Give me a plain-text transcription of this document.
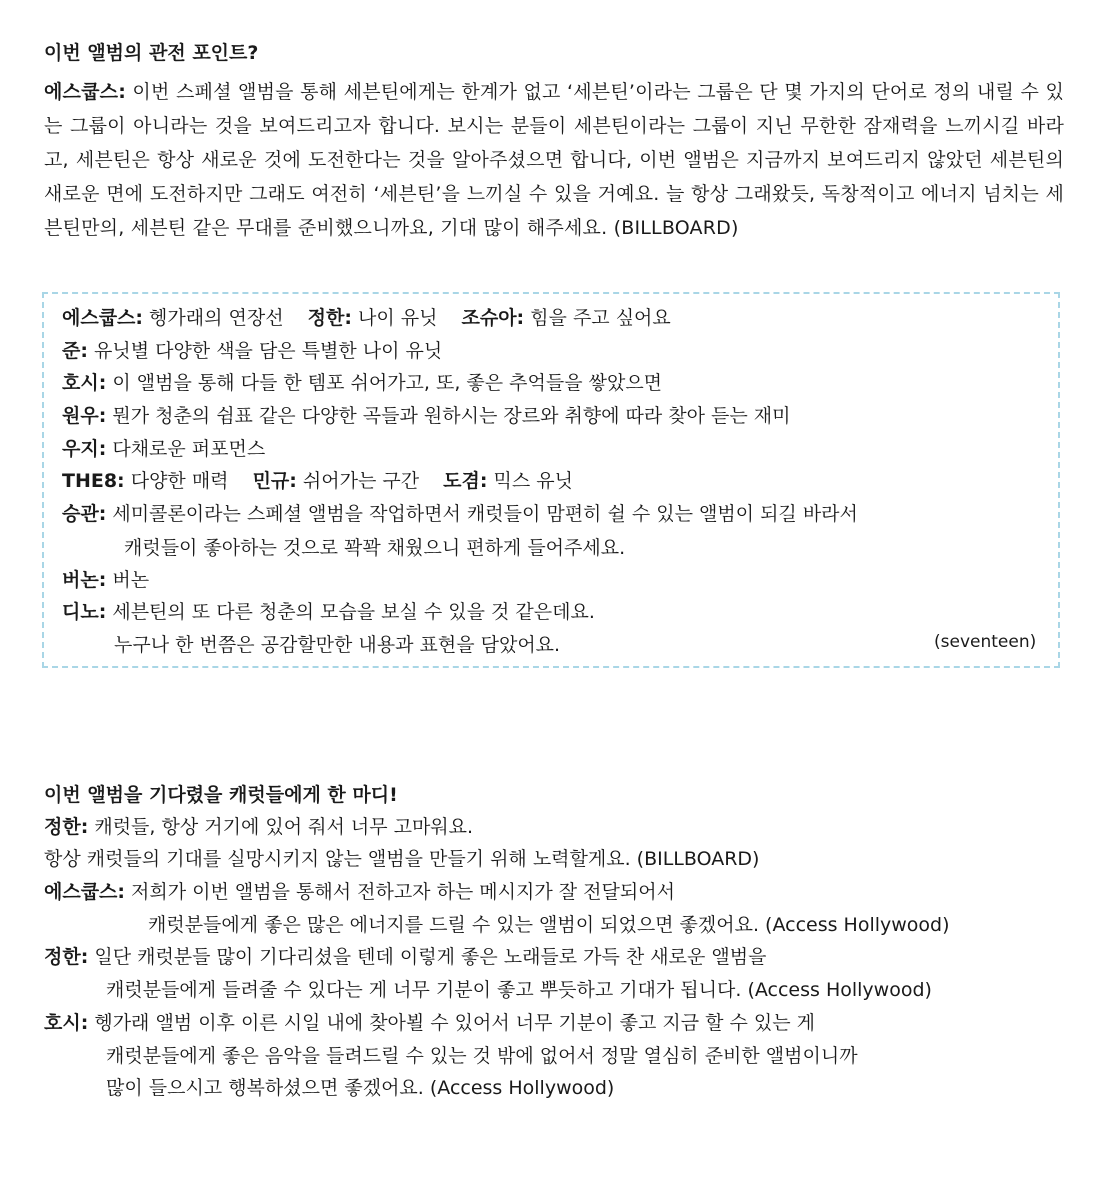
이번 앨범의 관전 포인트?
에스쿱스: 이번 스페셜 앨범을 통해 세븐틴에게는 한계가 없고 ‘세븐틴’이라는 그룹은 단 몇 가지의 단어로 정의 내릴 수 있는 그룹이 아니라는 것을 보여드리고자 합니다. 보시는 분들이 세븐틴이라는 그룹이 지닌 무한한 잠재력을 느끼시길 바라고, 세븐틴은 항상 새로운 것에 도전한다는 것을 알아주셨으면 합니다, 이번 앨범은 지금까지 보여드리지 않았던 세븐틴의 새로운 면에 도전하지만 그래도 여전히 ‘세븐틴’을 느끼실 수 있을 거예요. 늘 항상 그래왔듯, 독창적이고 에너지 넘치는 세븐틴만의, 세븐틴 같은 무대를 준비했으니까요, 기대 많이 해주세요. (BILLBOARD)
에스쿱스: 헹가래의 연장선 정한: 나이 유닛 조슈아: 힘을 주고 싶어요
준: 유닛별 다양한 색을 담은 특별한 나이 유닛
호시: 이 앨범을 통해 다들 한 템포 쉬어가고, 또, 좋은 추억들을 쌓았으면
원우: 뭔가 청춘의 쉼표 같은 다양한 곡들과 원하시는 장르와 취향에 따라 찾아 듣는 재미
우지: 다채로운 퍼포먼스
THE8: 다양한 매력 민규: 쉬어가는 구간 도겸: 믹스 유닛
승관: 세미콜론이라는 스페셜 앨범을 작업하면서 캐럿들이 맘편히 쉴 수 있는 앨범이 되길 바라서
캐럿들이 좋아하는 것으로 꽉꽉 채웠으니 편하게 들어주세요.
버논: 버논
디노: 세븐틴의 또 다른 청춘의 모습을 보실 수 있을 것 같은데요.
누구나 한 번쯤은 공감할만한 내용과 표현을 담았어요.	(seventeen)
이번 앨범을 기다렸을 캐럿들에게 한 마디!
정한: 캐럿들, 항상 거기에 있어 줘서 너무 고마워요.
항상 캐럿들의 기대를 실망시키지 않는 앨범을 만들기 위해 노력할게요. (BILLBOARD)
에스쿱스: 저희가 이번 앨범을 통해서 전하고자 하는 메시지가 잘 전달되어서
캐럿분들에게 좋은 많은 에너지를 드릴 수 있는 앨범이 되었으면 좋겠어요. (Access Hollywood)
정한: 일단 캐럿분들 많이 기다리셨을 텐데 이렇게 좋은 노래들로 가득 찬 새로운 앨범을
캐럿분들에게 들려줄 수 있다는 게 너무 기분이 좋고 뿌듯하고 기대가 됩니다. (Access Hollywood)
호시: 헹가래 앨범 이후 이른 시일 내에 찾아뵐 수 있어서 너무 기분이 좋고 지금 할 수 있는 게
캐럿분들에게 좋은 음악을 들려드릴 수 있는 것 밖에 없어서 정말 열심히 준비한 앨범이니까
많이 들으시고 행복하셨으면 좋겠어요. (Access Hollywood)
